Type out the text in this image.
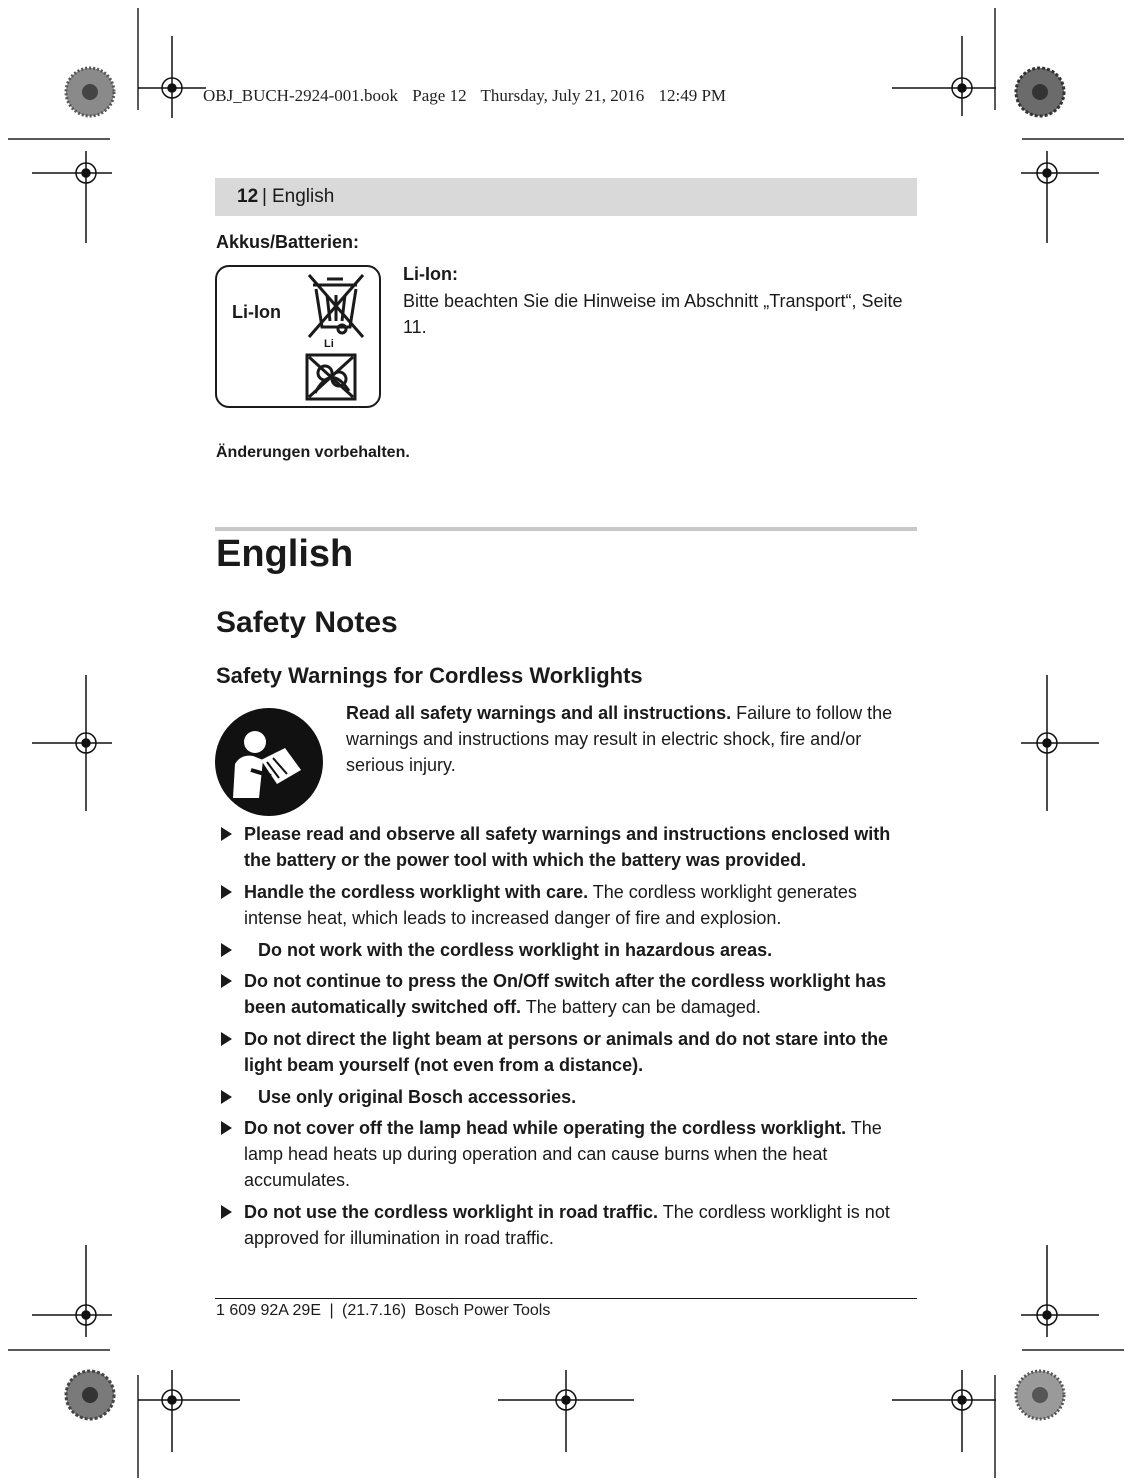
OBJ_BUCH-2924-001.book Page 12 Thursday, July 21, 2016 12:49 PM
12 | English
Akkus/Batterien:
Li-Ion
Li
Li-Ion:
Bitte beachten Sie die Hinweise im Abschnitt „Transport“, Seite 11.
Änderungen vorbehalten.
English
Safety Notes
Safety Warnings for Cordless Worklights
Read all safety warnings and all instructions. Failure to follow the warnings and instructions may result in electric shock, fire and/or serious injury.
Please read and observe all safety warnings and instructions enclosed with the battery or the power tool with which the battery was provided.
Handle the cordless worklight with care. The cordless worklight generates intense heat, which leads to increased danger of fire and explosion.
Do not work with the cordless worklight in hazardous areas.
Do not continue to press the On/Off switch after the cordless worklight has been automatically switched off. The battery can be damaged.
Do not direct the light beam at persons or animals and do not stare into the light beam yourself (not even from a distance).
Use only original Bosch accessories.
Do not cover off the lamp head while operating the cordless worklight. The lamp head heats up during operation and can cause burns when the heat accumulates.
Do not use the cordless worklight in road traffic. The cordless worklight is not approved for illumination in road traffic.
1 609 92A 29E | (21.7.16) Bosch Power Tools
